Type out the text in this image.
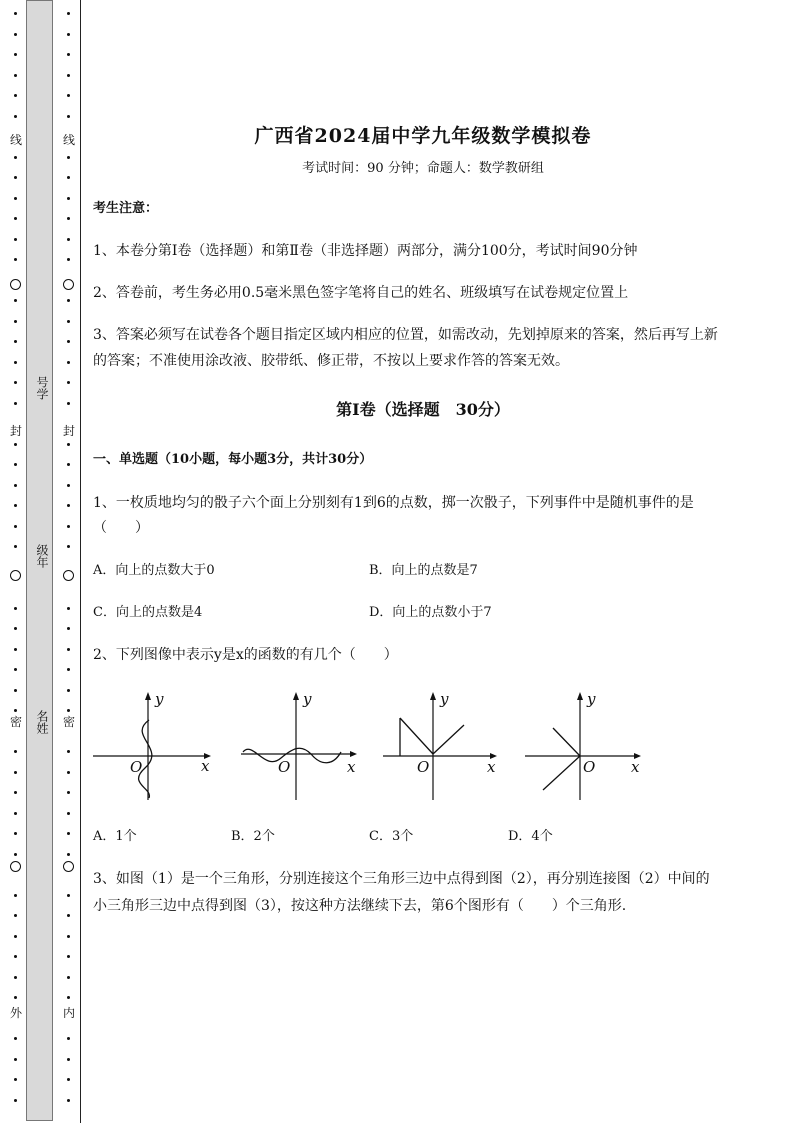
线
封
密
外
号学
级年
名姓
线
封
密
内
广西省2024届中学九年级数学模拟卷
考试时间：90 分钟；命题人：数学教研组
考生注意：
1、本卷分第Ⅰ卷（选择题）和第Ⅱ卷（非选择题）两部分，满分100分，考试时间90分钟
2、答卷前，考生务必用0.5毫米黑色签字笔将自己的姓名、班级填写在试卷规定位置上
3、答案必须写在试卷各个题目指定区域内相应的位置，如需改动，先划掉原来的答案，然后再写上新
的答案；不准使用涂改液、胶带纸、修正带，不按以上要求作答的答案无效。
第Ⅰ卷（选择题　30分）
一、单选题（10小题，每小题3分，共计30分）
1、一枚质地均匀的骰子六个面上分别刻有1到6的点数，掷一次骰子，下列事件中是随机事件的是
（　　）
A．向上的点数大于0	B．向上的点数是7
C．向上的点数是4	D．向上的点数小于7
2、下列图像中表示y是x的函数的有几个（　　）
y
x
O
y
x
O
y
x
O
y
x
O
A．1个	B．2个	C．3个	D．4个
3、如图（1）是一个三角形，分别连接这个三角形三边中点得到图（2），再分别连接图（2）中间的
小三角形三边中点得到图（3），按这种方法继续下去，第6个图形有（　　）个三角形.
